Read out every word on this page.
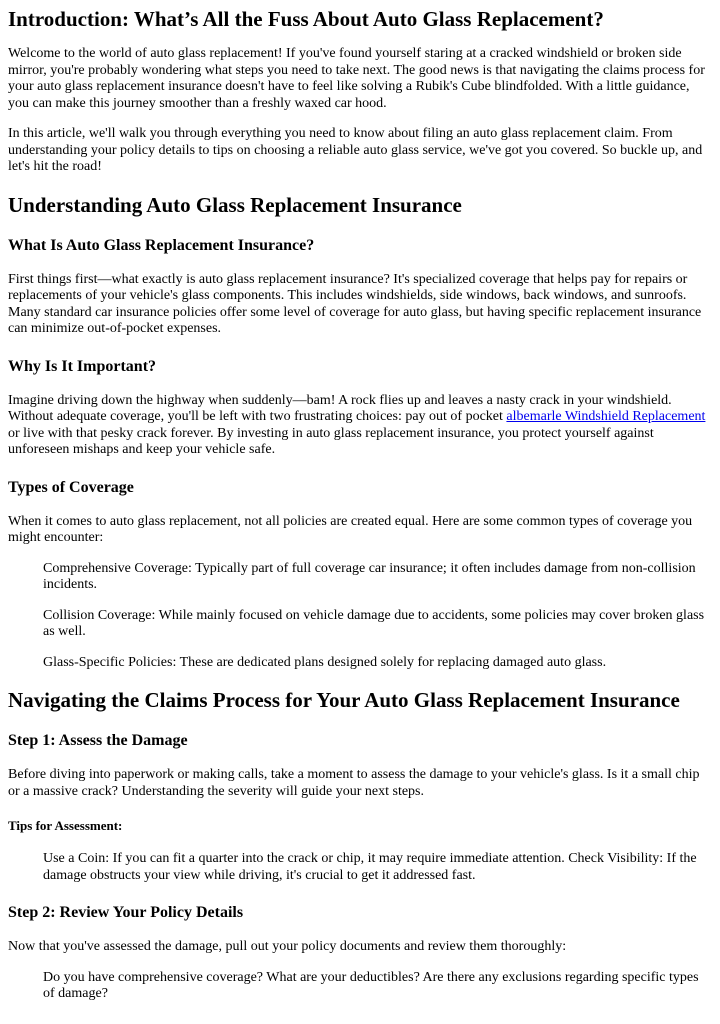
Introduction: What’s All the Fuss About Auto Glass Replacement?

Welcome to the world of auto glass replacement! If you've found yourself staring at a cracked windshield or broken side mirror, you're probably wondering what steps you need to take next. The good news is that navigating the claims process for your auto glass replacement insurance doesn't have to feel like solving a Rubik's Cube blindfolded. With a little guidance, you can make this journey smoother than a freshly waxed car hood.

In this article, we'll walk you through everything you need to know about filing an auto glass replacement claim. From understanding your policy details to tips on choosing a reliable auto glass service, we've got you covered. So buckle up, and let's hit the road!

Understanding Auto Glass Replacement Insurance
What Is Auto Glass Replacement Insurance?

First things first—what exactly is auto glass replacement insurance? It's specialized coverage that helps pay for repairs or replacements of your vehicle's glass components. This includes windshields, side windows, back windows, and sunroofs. Many standard car insurance policies offer some level of coverage for auto glass, but having specific replacement insurance can minimize out-of-pocket expenses.

Why Is It Important?

Imagine driving down the highway when suddenly—bam! A rock flies up and leaves a nasty crack in your windshield. Without adequate coverage, you'll be left with two frustrating choices: pay out of pocket albemarle Windshield Replacement or live with that pesky crack forever. By investing in auto glass replacement insurance, you protect yourself against unforeseen mishaps and keep your vehicle safe.

Types of Coverage

When it comes to auto glass replacement, not all policies are created equal. Here are some common types of coverage you might encounter:

Comprehensive Coverage: Typically part of full coverage car insurance; it often includes damage from non-collision incidents.

Collision Coverage: While mainly focused on vehicle damage due to accidents, some policies may cover broken glass as well.

Glass-Specific Policies: These are dedicated plans designed solely for replacing damaged auto glass.

Navigating the Claims Process for Your Auto Glass Replacement Insurance
Step 1: Assess the Damage

Before diving into paperwork or making calls, take a moment to assess the damage to your vehicle's glass. Is it a small chip or a massive crack? Understanding the severity will guide your next steps.

Tips for Assessment:

Use a Coin: If you can fit a quarter into the crack or chip, it may require immediate attention. Check Visibility: If the damage obstructs your view while driving, it's crucial to get it addressed fast.

Step 2: Review Your Policy Details

Now that you've assessed the damage, pull out your policy documents and review them thoroughly:

Do you have comprehensive coverage? What are your deductibles? Are there any exclusions regarding specific types of damage?
